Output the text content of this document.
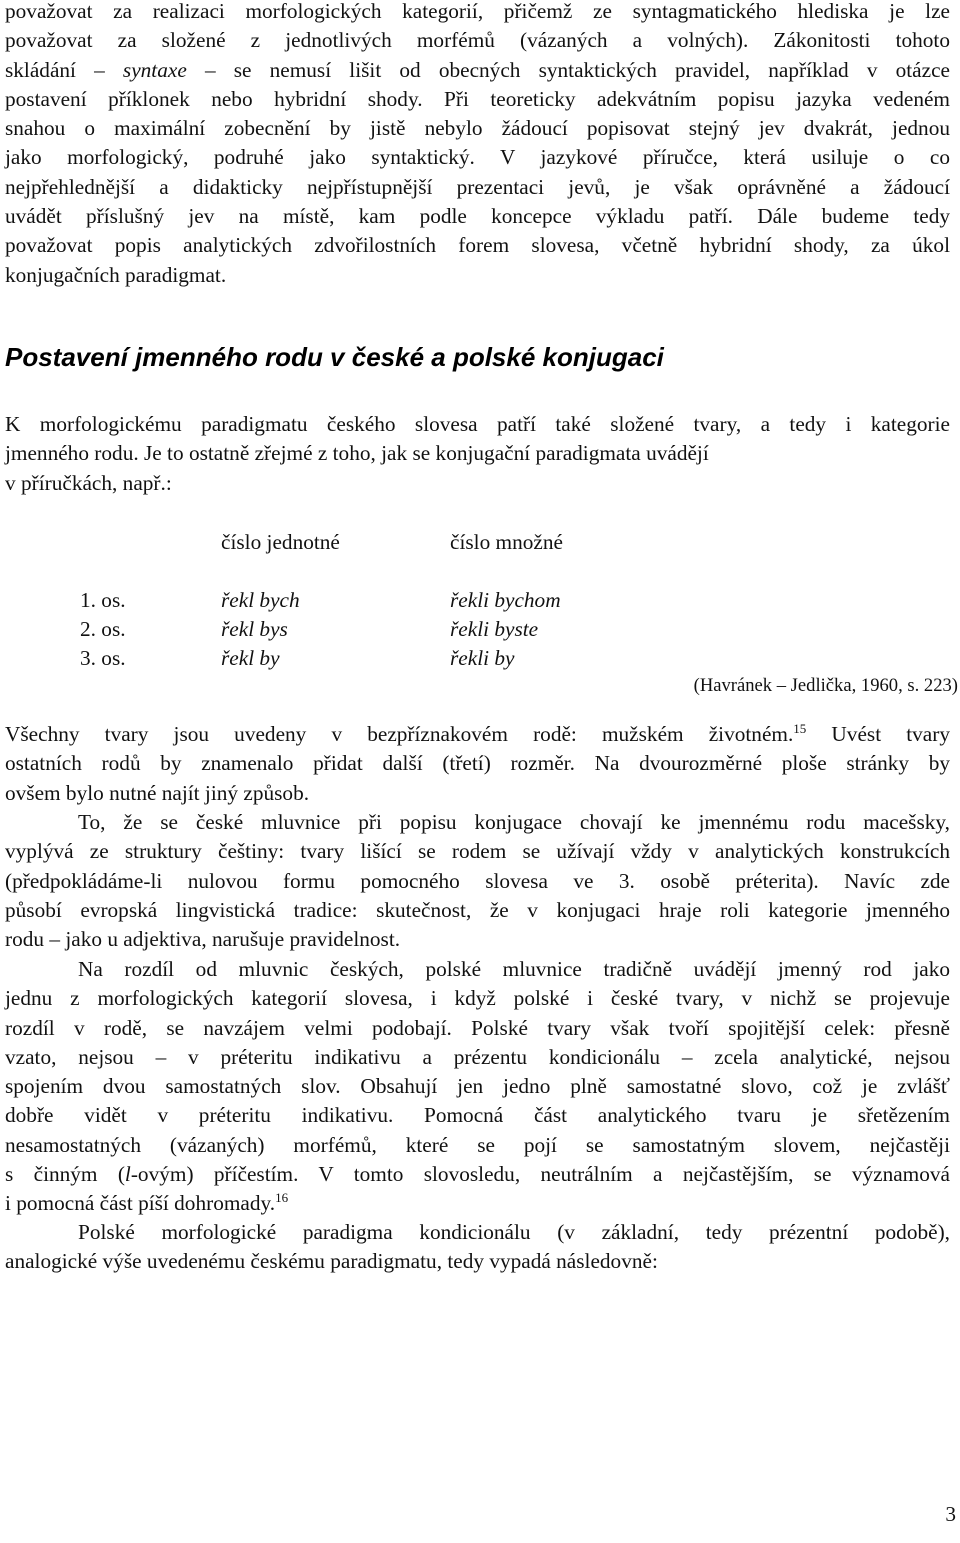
považovat za realizaci morfologických kategorií, přičemž ze syntagmatického hlediska je lze
považovat za složené z jednotlivých morfémů (vázaných a volných). Zákonitosti tohoto
skládání – syntaxe – se nemusí lišit od obecných syntaktických pravidel, například v otázce
postavení příklonek nebo hybridní shody. Při teoreticky adekvátním popisu jazyka vedeném
snahou o maximální zobecnění by jistě nebylo žádoucí popisovat stejný jev dvakrát, jednou
jako morfologický, podruhé jako syntaktický. V jazykové příručce, která usiluje o co
nejpřehlednější a didakticky nejpřístupnější prezentaci jevů, je však oprávněné a žádoucí
uvádět příslušný jev na místě, kam podle koncepce výkladu patří. Dále budeme tedy
považovat popis analytických zdvořilostních forem slovesa, včetně hybridní shody, za úkol
konjugačních paradigmat.
Postavení jmenného rodu v české a polské konjugaci
K morfologickému paradigmatu českého slovesa patří také složené tvary, a tedy i kategorie
jmenného rodu. Je to ostatně zřejmé z toho, jak se konjugační paradigmata uvádějí
v příručkách, např.:
číslo jednotné	číslo množné
1. os.	řekl bych	řekli bychom
2. os.	řekl bys	řekli byste
3. os.	řekl by	řekli by
(Havránek – Jedlička, 1960, s. 223)
Všechny tvary jsou uvedeny v bezpříznakovém rodě: mužském životném.$^{15}$ Uvést tvary
ostatních rodů by znamenalo přidat další (třetí) rozměr. Na dvourozměrné ploše stránky by
ovšem bylo nutné najít jiný způsob.
To, že se české mluvnice při popisu konjugace chovají ke jmennému rodu macešsky,
vyplývá ze struktury češtiny: tvary lišící se rodem se užívají vždy v analytických konstrukcích
(předpokládáme-li nulovou formu pomocného slovesa ve 3. osobě préterita). Navíc zde
působí evropská lingvistická tradice: skutečnost, že v konjugaci hraje roli kategorie jmenného
rodu – jako u adjektiva, narušuje pravidelnost.
Na rozdíl od mluvnic českých, polské mluvnice tradičně uvádějí jmenný rod jako
jednu z morfologických kategorií slovesa, i když polské i české tvary, v nichž se projevuje
rozdíl v rodě, se navzájem velmi podobají. Polské tvary však tvoří spojitější celek: přesně
vzato, nejsou – v préteritu indikativu a prézentu kondicionálu – zcela analytické, nejsou
spojením dvou samostatných slov. Obsahují jen jedno plně samostatné slovo, což je zvlášť
dobře vidět v préteritu indikativu. Pomocná část analytického tvaru je sřetězením
nesamostatných (vázaných) morfémů, které se pojí se samostatným slovem, nejčastěji
s činným (l-ovým) příčestím. V tomto slovosledu, neutrálním a nejčastějším, se významová
i pomocná část píší dohromady.$^{16}$
Polské morfologické paradigma kondicionálu (v základní, tedy prézentní podobě),
analogické výše uvedenému českému paradigmatu, tedy vypadá následovně:
3
